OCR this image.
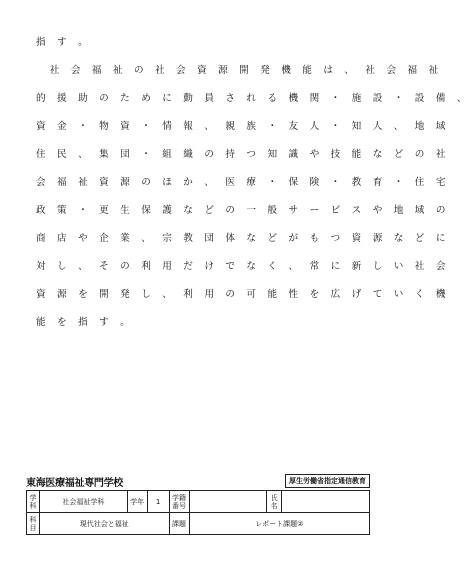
指 す 。
　社 会 福 祉 の 社 会 資 源 開 発 機 能 は 、 社 会 福 祉
的 援 助 の た め に 動 員 さ れ る 機 関 ・ 施 設 ・ 設 備 、
資 金 ・ 物 資 ・ 情 報 、 親 族 ・ 友 人 ・ 知 人 、 地 域
住 民 、 集 団 ・ 組 織 の 持 つ 知 識 や 技 能 な ど の 社
会 福 祉 資 源 の ほ か 、 医 療 ・ 保 険 ・ 教 育 ・ 住 宅
政 策 ・ 更 生 保 護 な ど の 一 般 サ ー ビ ス や 地 域 の
商 店 や 企 業 、 宗 教 団 体 な ど が も つ 資 源 な ど に
対 し 、 そ の 利 用 だ け で な く 、 常 に 新 し い 社 会
資 源 を 開 発 し 、 利 用 の 可 能 性 を 広 げ て い く 機
能 を 指 す 。
東海医療福祉専門学校	厚生労働省指定通信教育
学科	社会福祉学科	学年	1	学籍番号		氏名	
科目	現代社会と福祉			課題	レポート課題②		
